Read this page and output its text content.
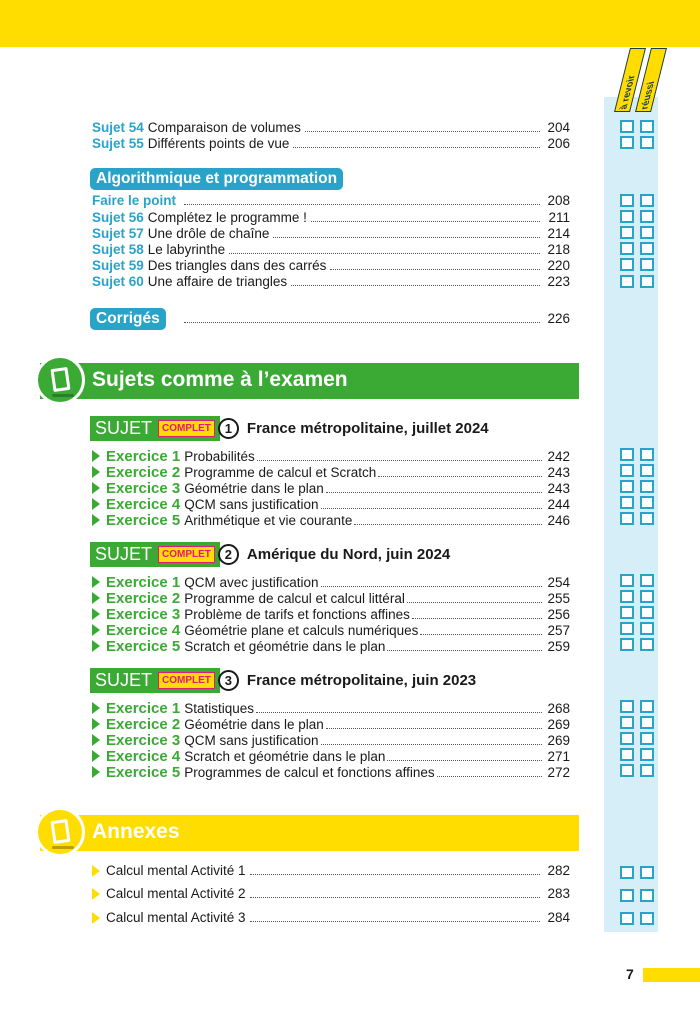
à revoir réussi
Sujet 54 Comparaison de volumes	204
Sujet 55 Différents points de vue	206
Algorithmique et programmation
Faire le point	208
Sujet 56 Complétez le programme !	211
Sujet 57 Une drôle de chaîne	214
Sujet 58 Le labyrinthe	218
Sujet 59 Des triangles dans des carrés	220
Sujet 60 Une affaire de triangles	223
Corrigés	226
Sujets comme à l’examen
SUJET	COMPLET	1 France métropolitaine, juillet 2024
Exercice 1 Probabilités	242
Exercice 2 Programme de calcul et Scratch	243
Exercice 3 Géométrie dans le plan	243
Exercice 4 QCM sans justification	244
Exercice 5 Arithmétique et vie courante	246
SUJET	COMPLET	2 Amérique du Nord, juin 2024
Exercice 1 QCM avec justification	254
Exercice 2 Programme de calcul et calcul littéral	255
Exercice 3 Problème de tarifs et fonctions affines	256
Exercice 4 Géométrie plane et calculs numériques	257
Exercice 5 Scratch et géométrie dans le plan	259
SUJET	COMPLET	3 France métropolitaine, juin 2023
Exercice 1 Statistiques	268
Exercice 2 Géométrie dans le plan	269
Exercice 3 QCM sans justification	269
Exercice 4 Scratch et géométrie dans le plan	271
Exercice 5 Programmes de calcul et fonctions affines	272
Annexes
Calcul mental Activité 1	282
Calcul mental Activité 2	283
Calcul mental Activité 3	284
7
